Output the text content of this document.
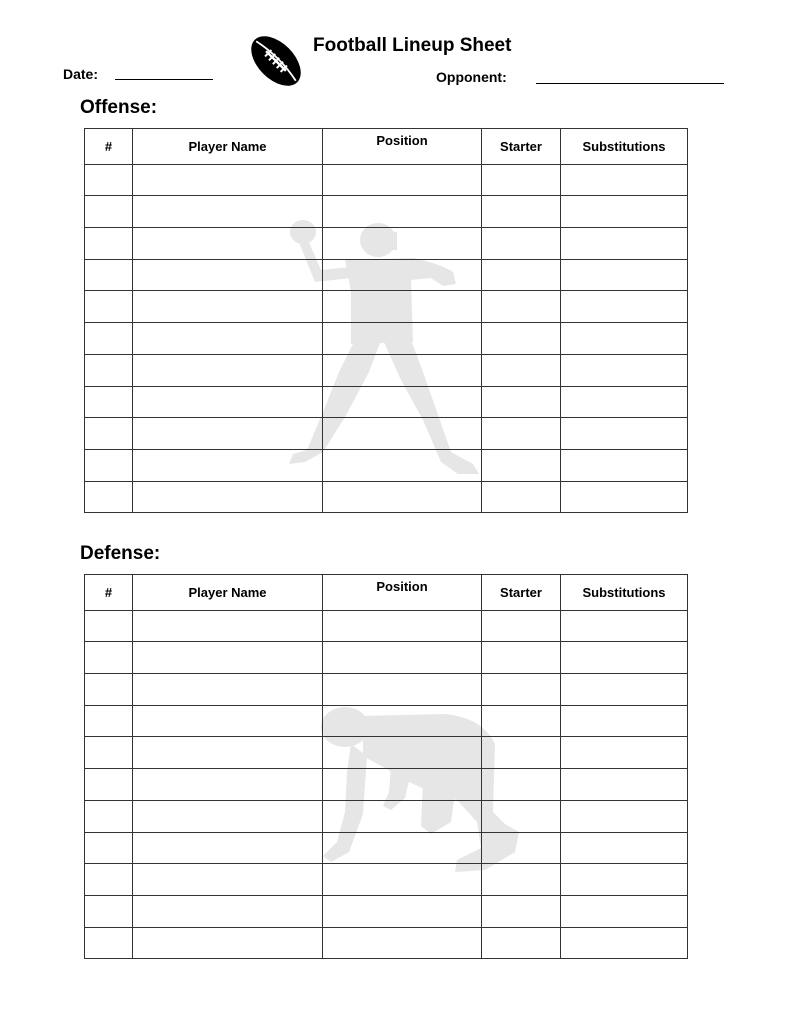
Football Lineup Sheet
Date:	Opponent:
Offense:
#	Player Name	Position	Starter	Substitutions

Defense:
#	Player Name	Position	Starter	Substitutions
